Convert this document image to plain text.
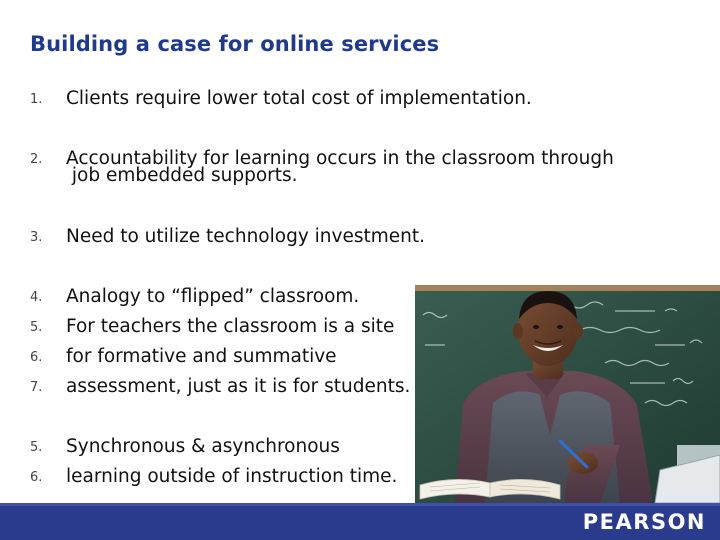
Building a case for online services
1. Clients require lower total cost of implementation.
2. Accountability for learning occurs in the classroom through
job embedded supports.
3. Need to utilize technology investment.
4. Analogy to “flipped” classroom.
5. For teachers the classroom is a site
6. for formative and summative
7. assessment, just as it is for students.
5. Synchronous & asynchronous
6. learning outside of instruction time.
PEARSON
